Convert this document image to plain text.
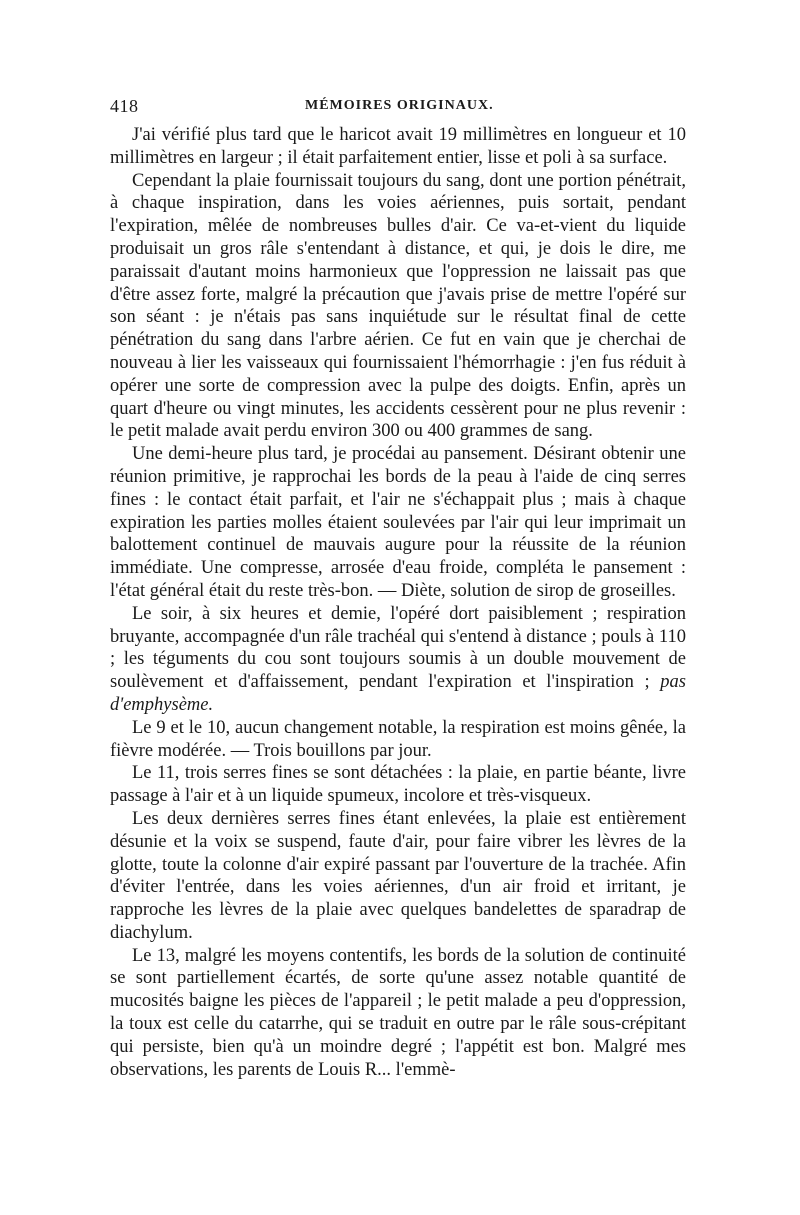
418	MÉMOIRES ORIGINAUX.

J'ai vérifié plus tard que le haricot avait 19 millimètres en longueur et 10 millimètres en largeur ; il était parfaitement entier, lisse et poli à sa surface.

Cependant la plaie fournissait toujours du sang, dont une portion pénétrait, à chaque inspiration, dans les voies aériennes, puis sortait, pendant l'expiration, mêlée de nombreuses bulles d'air. Ce va-et-vient du liquide produisait un gros râle s'entendant à distance, et qui, je dois le dire, me paraissait d'autant moins harmonieux que l'oppression ne laissait pas que d'être assez forte, malgré la précaution que j'avais prise de mettre l'opéré sur son séant : je n'étais pas sans inquiétude sur le résultat final de cette pénétration du sang dans l'arbre aérien. Ce fut en vain que je cherchai de nouveau à lier les vaisseaux qui fournissaient l'hémorrhagie : j'en fus réduit à opérer une sorte de compression avec la pulpe des doigts. Enfin, après un quart d'heure ou vingt minutes, les accidents cessèrent pour ne plus revenir : le petit malade avait perdu environ 300 ou 400 grammes de sang.

Une demi-heure plus tard, je procédai au pansement. Désirant obtenir une réunion primitive, je rapprochai les bords de la peau à l'aide de cinq serres fines : le contact était parfait, et l'air ne s'échappait plus ; mais à chaque expiration les parties molles étaient soulevées par l'air qui leur imprimait un balottement continuel de mauvais augure pour la réussite de la réunion immédiate. Une compresse, arrosée d'eau froide, compléta le pansement : l'état général était du reste très-bon. — Diète, solution de sirop de groseilles.

Le soir, à six heures et demie, l'opéré dort paisiblement ; respiration bruyante, accompagnée d'un râle trachéal qui s'entend à distance ; pouls à 110 ; les téguments du cou sont toujours soumis à un double mouvement de soulèvement et d'affaissement, pendant l'expiration et l'inspiration ; pas d'emphysème.

Le 9 et le 10, aucun changement notable, la respiration est moins gênée, la fièvre modérée. — Trois bouillons par jour.

Le 11, trois serres fines se sont détachées : la plaie, en partie béante, livre passage à l'air et à un liquide spumeux, incolore et très-visqueux.

Les deux dernières serres fines étant enlevées, la plaie est entièrement désunie et la voix se suspend, faute d'air, pour faire vibrer les lèvres de la glotte, toute la colonne d'air expiré passant par l'ouverture de la trachée. Afin d'éviter l'entrée, dans les voies aériennes, d'un air froid et irritant, je rapproche les lèvres de la plaie avec quelques bandelettes de sparadrap de diachylum.

Le 13, malgré les moyens contentifs, les bords de la solution de continuité se sont partiellement écartés, de sorte qu'une assez notable quantité de mucosités baigne les pièces de l'appareil ; le petit malade a peu d'oppression, la toux est celle du catarrhe, qui se traduit en outre par le râle sous-crépitant qui persiste, bien qu'à un moindre degré ; l'appétit est bon. Malgré mes observations, les parents de Louis R... l'emmè-
